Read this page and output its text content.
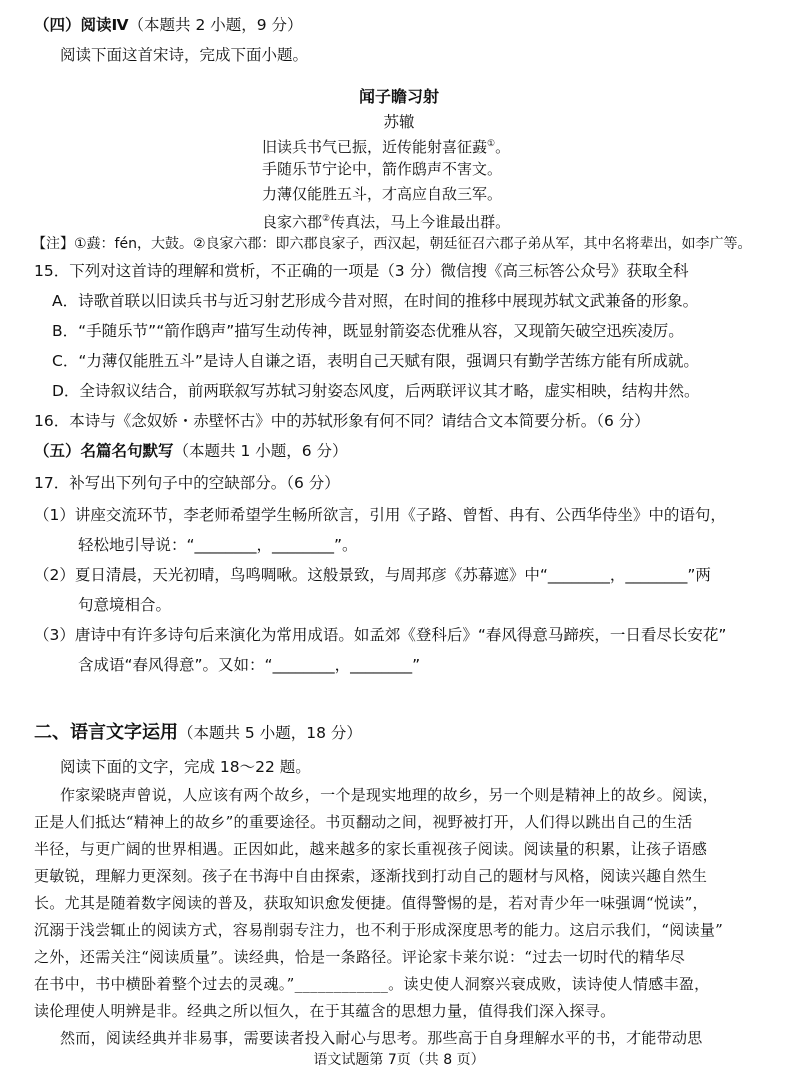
（四）阅读Ⅳ（本题共 2 小题，9 分）
阅读下面这首宋诗，完成下面小题。
闻子瞻习射
苏辙
旧读兵书气已振，近传能射喜征鼖①。
手随乐节宁论中，箭作鸱声不害文。
力薄仅能胜五斗，才高应自敌三军。
良家六郡②传真法，马上今谁最出群。
【注】①鼖：fén，大鼓。②良家六郡：即六郡良家子，西汉起，朝廷征召六郡子弟从军，其中名将辈出，如李广等。
15．下列对这首诗的理解和赏析，不正确的一项是（3 分）微信搜《高三标答公众号》获取全科
A．诗歌首联以旧读兵书与近习射艺形成今昔对照，在时间的推移中展现苏轼文武兼备的形象。
B．“手随乐节”“箭作鸱声”描写生动传神，既显射箭姿态优雅从容，又现箭矢破空迅疾凌厉。
C．“力薄仅能胜五斗”是诗人自谦之语，表明自己天赋有限，强调只有勤学苦练方能有所成就。
D．全诗叙议结合，前两联叙写苏轼习射姿态风度，后两联评议其才略，虚实相映，结构井然。
16．本诗与《念奴娇・赤壁怀古》中的苏轼形象有何不同？请结合文本简要分析。（6 分）
（五）名篇名句默写（本题共 1 小题，6 分）
17．补写出下列句子中的空缺部分。（6 分）
（1）讲座交流环节，李老师希望学生畅所欲言，引用《子路、曾皙、冉有、公西华侍坐》中的语句，
轻松地引导说：“________，________”。
（2）夏日清晨，天光初晴，鸟鸣啁啾。这般景致，与周邦彦《苏幕遮》中“________，________”两
句意境相合。
（3）唐诗中有许多诗句后来演化为常用成语。如孟郊《登科后》“春风得意马蹄疾，一日看尽长安花”
含成语“春风得意”。又如：“________，________”
二、语言文字运用（本题共 5 小题，18 分）
阅读下面的文字，完成 18～22 题。
作家梁晓声曾说，人应该有两个故乡，一个是现实地理的故乡，另一个则是精神上的故乡。阅读，
正是人们抵达“精神上的故乡”的重要途径。书页翻动之间，视野被打开，人们得以跳出自己的生活
半径，与更广阔的世界相遇。正因如此，越来越多的家长重视孩子阅读。阅读量的积累，让孩子语感
更敏锐，理解力更深刻。孩子在书海中自由探索，逐渐找到打动自己的题材与风格，阅读兴趣自然生
长。尤其是随着数字阅读的普及，获取知识愈发便捷。值得警惕的是，若对青少年一味强调“悦读”，
沉溺于浅尝辄止的阅读方式，容易削弱专注力，也不利于形成深度思考的能力。这启示我们，“阅读量”
之外，还需关注“阅读质量”。读经典，恰是一条路径。评论家卡莱尔说：“过去一切时代的精华尽
在书中，书中横卧着整个过去的灵魂。”____________。读史使人洞察兴衰成败，读诗使人情感丰盈，
读伦理使人明辨是非。经典之所以恒久，在于其蕴含的思想力量，值得我们深入探寻。
然而，阅读经典并非易事，需要读者投入耐心与思考。那些高于自身理解水平的书，才能带动思
语文试题第 7页（共 8 页）
